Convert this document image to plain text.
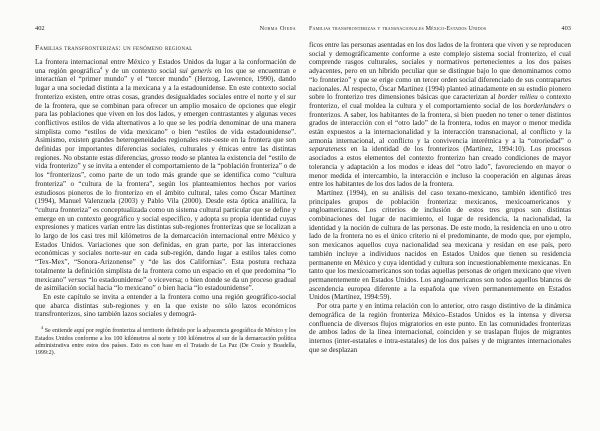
402	Norma Ojeda
Familias transfronterizas: un fenómeno regional

La frontera internacional entre México y Estados Unidos da lugar a la conformación de una región geográfica$^4$ y de un contexto social sui generis en los que se encuentran e interactúan el “primer mundo” y el “tercer mundo” (Herzog, Lawrence, 1990), dando lugar a una sociedad distinta a la mexicana y a la estadounidense. En este contexto social fronterizo existen, entre otras cosas, grandes desigualdades sociales entre el norte y el sur de la frontera, que se combinan para ofrecer un amplio mosaico de opciones que elegir para las poblaciones que viven en los dos lados, y emergen contrastantes y algunas veces conflictivos estilos de vida alternativos a lo que se les podría denominar de una manera simplista como “estilos de vida mexicano” o bien “estilos de vida estadounidense”. Asimismo, existen grandes heterogeneidades regionales este-oeste en la frontera que son definidas por importantes diferencias sociales, culturales y étnicas entre las distintas regiones. No obstante estas diferencias, grosso modo se plantea la existencia del “estilo de vida fronterizo” y se invita a entender el comportamiento de la “población fronteriza” o de los “fronterizos”, como parte de un todo más grande que se identifica como “cultura fronteriza” o “cultura de la frontera”, según los planteamientos hechos por varios estudiosos pioneros de lo fronterizo en el ámbito cultural, tales como Óscar Martínez (1994), Manuel Valenzuela (2003) y Pablo Vila (2000). Desde esta óptica analítica, la “cultura fronteriza” es conceptualizada como un sistema cultural particular que se define y emerge en un contexto geográfico y social específico, y adopta su propia identidad cuyas expresiones y matices varían entre las distintas sub-regiones fronterizas que se localizan a lo largo de los casi tres mil kilómetros de la demarcación internacional entre México y Estados Unidos. Variaciones que son definidas, en gran parte, por las interacciones económicas y sociales norte-sur en cada sub-región, dando lugar a estilos tales como “Tex-Mex”, “Sonora-Arizonense” y “de las dos Californias”. Esta postura rechaza totalmente la definición simplista de la frontera como un espacio en el que predomina “lo mexicano” versus “lo estadounidense” o viceversa; o bien donde se da un proceso gradual de asimilación social hacia “lo mexicano” o bien hacia “lo estadounidense”.

En este capítulo se invita a entender a la frontera como una región geográfico-social que abarca distintas sub-regiones y en la que existe no sólo lazos económicos transfronterizos, sino también lazos sociales y demográ-

$^4$ Se entiende aquí por región fronteriza al territorio definido por la adyacencia geográfica de México y los Estados Unidos conforme a los 100 kilómetros al norte y 100 kilómetros al sur de la demarcación política administrativa entre estos dos países. Esto es con base en el Tratado de La Paz (De Cosío y Boadella, 1999:2).
Familias transfronterizas y transnacionales México-Estados Unidos	403

ficos entre las personas asentadas en los dos lados de la frontera que viven y se reproducen social y demográficamente conforme a este complejo sistema social fronterizo, el cual comprende rasgos culturales, sociales y normativos pertenecientes a los dos países adyacentes, pero en un híbrido peculiar que se distingue bajo lo que denominamos como “lo fronterizo” y que se erige como un tercer orden social diferenciado de sus contrapartes nacionales. Al respecto, Óscar Martínez (1994) planteó atinadamente en su estudio pionero sobre lo fronterizo tres dimensiones básicas que caracterizan al border milieu o contexto fronterizo, el cual moldea la cultura y el comportamiento social de los borderlanders o fronterizos. A saber, los habitantes de la frontera, si bien pueden no tener o tener distintos grados de interacción con el “otro lado” de la frontera, todos en mayor o menor medida están expuestos a la internacionalidad y la interacción transnacional, al conflicto y la armonía internacional, al conflicto y la convivencia interétnica y a la “otroriedad” o separateness en la identidad de los fronterizos (Martínez, 1994:10). Los procesos asociados a estos elementos del contexto fronterizo han creado condiciones de mayor tolerancia y adaptación a los modos e ideas del “otro lado”, favoreciendo en mayor o menor medida el intercambio, la interacción e incluso la cooperación en algunas áreas entre los habitantes de los dos lados de la frontera.

Martínez (1994), en su análisis del caso texano-mexicano, también identificó tres principales grupos de población fronteriza: mexicanos, mexicoamericanos y angloamericanos. Los criterios de inclusión de estos tres grupos son distintas combinaciones del lugar de nacimiento, el lugar de residencia, la nacionalidad, la identidad y la noción de cultura de las personas. De este modo, la residencia en uno u otro lado de la frontera no es el único criterio ni el predominante, de modo que, por ejemplo, son mexicanos aquellos cuya nacionalidad sea mexicana y residan en ese país, pero también incluye a individuos nacidos en Estados Unidos que tienen su residencia permanente en México y cuya identidad y cultura son incuestionablemente mexicanas. En tanto que los mexicoamericanos son todas aquellas personas de origen mexicano que viven permanentemente en Estados Unidos. Los angloamericanos son todos aquellos blancos de ascendencia europea diferente a la española que viven permanentemente en Estados Unidos (Martínez, 1994:59).

Por otra parte y en íntima relación con lo anterior, otro rasgo distintivo de la dinámica demográfica de la región fronteriza México–Estados Unidos es la intensa y diversa confluencia de diversos flujos migratorios en este punto. En las comunidades fronterizas de ambos lados de la línea internacional, coinciden y se traslapan flujos de migrantes internos (inter-estatales e intra-estatales) de los dos países y de migrantes internacionales que se desplazan
